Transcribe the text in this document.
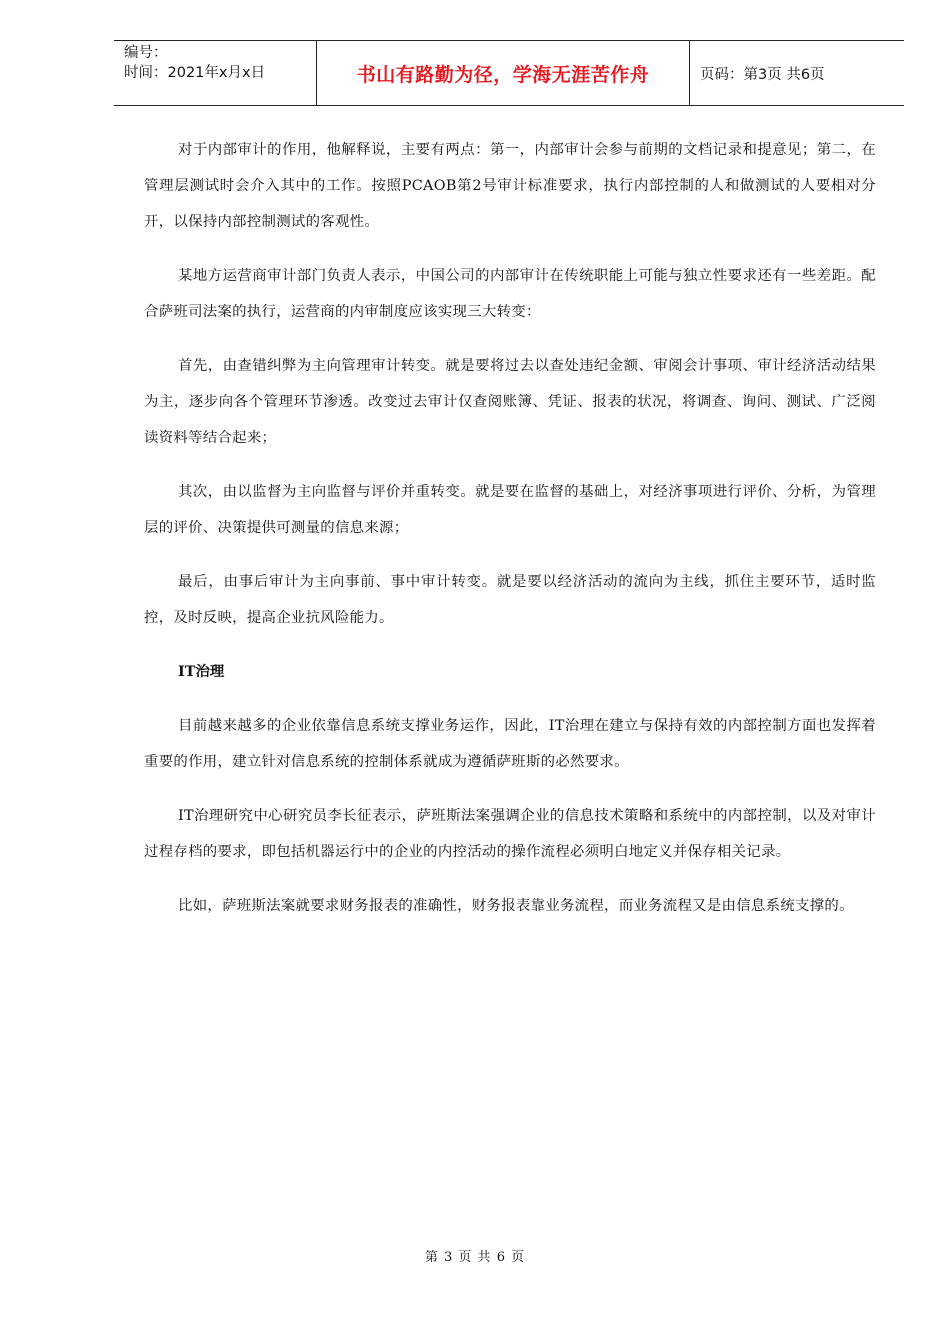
编号：
时间：2021年x月x日	书山有路勤为径，学海无涯苦作舟	页码：第3页 共6页

对于内部审计的作用，他解释说，主要有两点：第一，内部审计会参与前期的文档记录和提意见；第二，在管理层测试时会介入其中的工作。按照PCAOB第2号审计标准要求，执行内部控制的人和做测试的人要相对分开，以保持内部控制测试的客观性。

某地方运营商审计部门负责人表示，中国公司的内部审计在传统职能上可能与独立性要求还有一些差距。配合萨班司法案的执行，运营商的内审制度应该实现三大转变：

首先，由查错纠弊为主向管理审计转变。就是要将过去以查处违纪金额、审阅会计事项、审计经济活动结果为主，逐步向各个管理环节渗透。改变过去审计仅查阅账簿、凭证、报表的状况，将调查、询问、测试、广泛阅读资料等结合起来；

其次，由以监督为主向监督与评价并重转变。就是要在监督的基础上，对经济事项进行评价、分析，为管理层的评价、决策提供可测量的信息来源；

最后，由事后审计为主向事前、事中审计转变。就是要以经济活动的流向为主线，抓住主要环节，适时监控，及时反映，提高企业抗风险能力。

IT治理

目前越来越多的企业依靠信息系统支撑业务运作，因此，IT治理在建立与保持有效的内部控制方面也发挥着重要的作用，建立针对信息系统的控制体系就成为遵循萨班斯的必然要求。

IT治理研究中心研究员李长征表示，萨班斯法案强调企业的信息技术策略和系统中的内部控制，以及对审计过程存档的要求，即包括机器运行中的企业的内控活动的操作流程必须明白地定义并保存相关记录。

比如，萨班斯法案就要求财务报表的准确性，财务报表靠业务流程，而业务流程又是由信息系统支撑的。

第 3 页 共 6 页
